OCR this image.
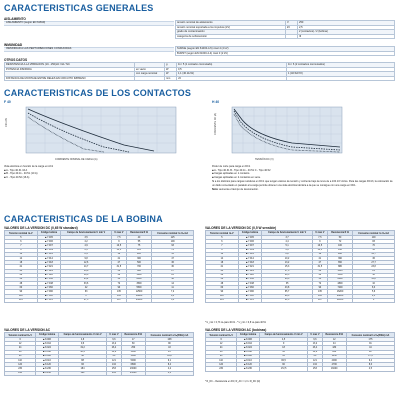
CARACTERISTICAS GENERALES
AISLAMIENTO
AISLAMIENTO (según EN 61810)	tensión nominal de aislamiento	V	250
tensión nominal soportada a los impulsos (kV)	kV	2,5
grado de contaminación		2 (contactos) / 2 (bobina)
categoría de sobretensión		III
INMUNIDAD
INMUNIDAD A LAS PERTURBACIONES CONDUCIDAS	SURGE (según EN 61000-4-5) nivel 4 (4 kV)
BURST (según EN 61000-4-4) nivel 3 (2 kV)
OTROS DATOS
RESISTENCIA A LA VIBRACIÓN (10...150)Hz: NA / NC		g	11 / 5 (1 contacto conmutado)	11 / 6 (2 contactos conmutados)
POTENCIA DISIPADA	en vacío	W	0,5	
	con carga nominal	W	1,1 (40.11/31)	1 (40.52/7/2)
DISTANCIA DE MONTAJE ENTRE RELÉS EN CIRCUITO IMPRESO		mm	≥5	
CARACTERISTICAS DE LOS CONTACTOS
F 40
CICLOS
CORRIENTE NOMINAL DE CARGA (A)
H 40
CORRIENTE DC (A)
TENSIÓN DC (V)
Vida eléctrica en función de la carga en AC1
■ A - Tipo 40.31 16 A
■ B - Tipo 40.11 - 40.51 (10 A)
■ C - Tipo 40.52 (16 A)
Poder de corte para carga en DC1
■ A - Tipo 40.31 B - Tipo 40.11 - 40.51 C - Tipo 40.52
■ Cargas aplicadas en 1 contacto.
■ Cargas aplicadas en 2 contactos en serie.
Si a los distintos para cargas resistivas en DC1 que tengan valores de tensión y corriente bajo la curva de a 100·10³ ciclos. Para las cargas DC13, la colocación de un diodo conectado en paralelo a la carga permite obtener una vida eléctrica idéntica a la que se consigue con una carga en DC1.
Nota: aumenta el tiempo de desconexión.
CARACTERISTICAS DE LA BOBINA
VALORES DE LA VERSION DC (0,65 W standard)
Tensión nominal Uₙ V	Código bobina	Campo de funcionamiento U min V	U max V	Resistencia R Ω	Consumo nominal I a Uₙ mA
5	■ 7.005	3,5	7,5	40	125
6	■ 7.006	4,2	9	55	109
7	■ 7.007	4,9	10,5	75	93
9	■ 7.009	6,3	13,5	125	72
12	■ 7.012	8,4	18	220	55
14	■ 7.014	9,8	21	300	47
18	■ 7.018	12,6	27	500	36
21	■ 7.021	14,7	31,5	700	30
24	■ 7.024	16,8	36	900	27
28	■ 7.028	19,6	42	1200	23
36	■ 7.036	25,2	54	2000	18
48	■ 7.048	33,6	72	3500	14
60	■ 7.060	42	90	5500	11
90	■ 7.090	63	135	12500	7,2
110	■ 7.110	77	165	18000	6,1
125	■ 7.125	87,5	187	23000	5,4
VALORES DE LA VERSION DC (0,5 W sensible)
Tensión nominal Uₙ V	Código bobina	Campo de funcionamiento U min V	U max V	Resistencia R Ω	Consumo nominal I a Uₙ mA
5	■ 7.005	3,7	7,5	50	100
6	■ 7.006	4,4	9	72	83
7	■ 7.007	5,1	10,5	100	70
9	■ 7.009	6,6	13,5	160	56
12	■ 7.012	8,8	18	288	41,7
14	■ 7.014	10,2	21	390	36
18	■ 7.018	13,2	27	650	27,7
21	■ 7.021	15,3	31,5	880	23,8
24	■ 7.024	17,5	36	1150	21
28	■ 7.028	20,5	42	1560	18
36	■ 7.036	26,3	54	2600	13,8
48	■ 7.048	35	72	4800	10
60	■ 7.060	43,8	90	7200	8,3
90	■ 7.090	65,7	135	16200	5,6
110	■ 7.110	80,3	165	24200	4,5
125	■ 7.125	91,3	187	31200	4
* U_min = 0,73 Uₙ para 40.61 - * U_min = 0,8 Uₙ para 40.51
VALORES DE LA VERSION AC
Tensión nominal Uₙ V	Código bobina	Campo de funcionamiento U min V	U max V	Resistencia R Ω	Consumo nominal I a Uₙ(50Hz) mA
6	■ 8.006	4,8	6,6	17	168
12	■ 8.012	9,6	13,2	60	90
24	■ 8.024	19,2	26,4	250	43
48	■ 8.048	38,4	52,8	1000	21
60	■ 8.060	48	66	1600	16,8
110	■ 8.110	88	121	5000	9,1
120	■ 8.120	96	132	6800	8,4
230	■ 8.230	184	253	23000	4,2
240	■ 8.240	192	264	25000	4,1
VALORES DE LA VERSION AC (bobinas)
Tensión nominal Uₙ V	Código bobina	Campo de funcionamiento U min V	U max V	Resistencia R Ω	Consumo nominal I a Uₙ(50Hz) mA
6	■ 8.006	4,5	6,6	12	175
12	■ 8.012	9	13,2	44	91
24	■ 8.024	18	26,4	180	44
48	■ 8.048	36	52,8	820	22
60	■ 8.060	45	66	1150	17,3
110	■ 8.110	82,5	121	4000	9,4
120	■ 8.120	90	132	4700	8,6
230	■ 8.230	172,5	253	16000	4,5
* R_DC – Resistencia en DC; R_AC = 1,3 x R_DC (Ω)
